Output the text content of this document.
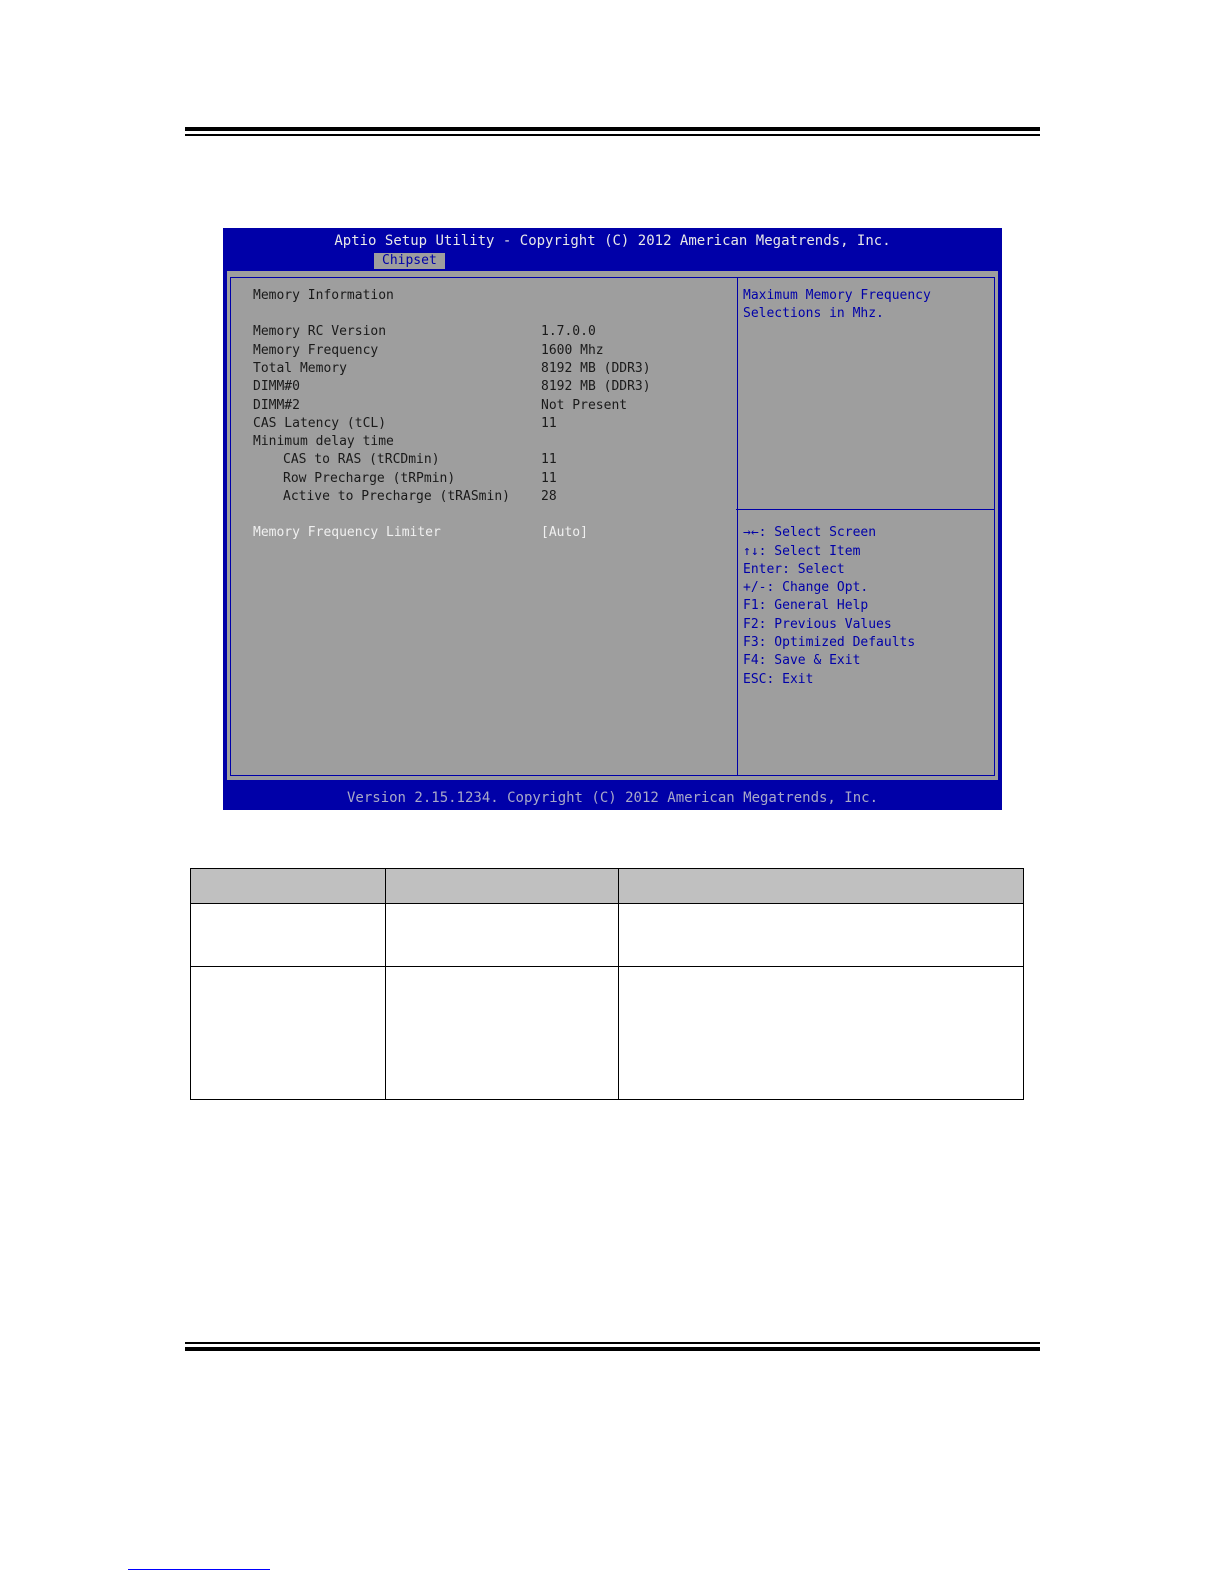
Aptio Setup Utility - Copyright (C) 2012 American Megatrends, Inc.
Chipset
Memory Information
Memory RC Version	1.7.0.0
Memory Frequency	1600 Mhz
Total Memory	8192 MB (DDR3)
DIMM#0	8192 MB (DDR3)
DIMM#2	Not Present
CAS Latency (tCL)	11
Minimum delay time
CAS to RAS (tRCDmin)	11
Row Precharge (tRPmin)	11
Active to Precharge (tRASmin) 28
Memory Frequency Limiter	[Auto]
Maximum Memory Frequency
Selections in Mhz.
→←: Select Screen
↑↓: Select Item
Enter: Select
+/-: Change Opt.
F1: General Help
F2: Previous Values
F3: Optimized Defaults
F4: Save & Exit
ESC: Exit
Version 2.15.1234. Copyright (C) 2012 American Megatrends, Inc.
